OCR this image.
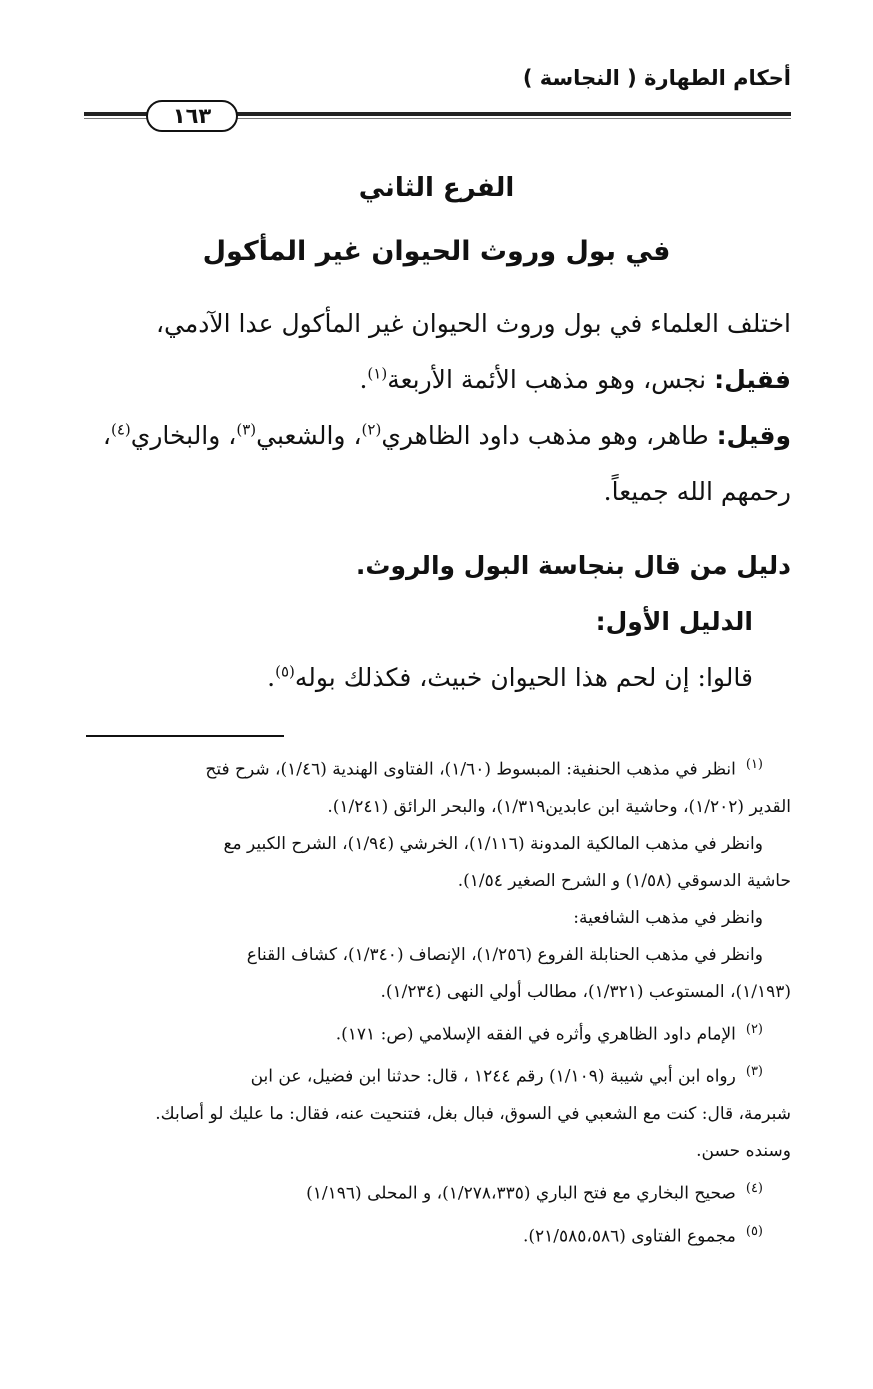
أحكام الطهارة ( النجاسة )
١٦٣
الفرع الثاني
في بول وروث الحيوان غير المأكول
اختلف العلماء في بول وروث الحيوان غير المأكول عدا الآدمي،
فقيل: نجس، وهو مذهب الأئمة الأربعة$^{(١)}$.
وقيل: طاهر، وهو مذهب داود الظاهري$^{(٢)}$، والشعبي$^{(٣)}$، والبخاري$^{(٤)}$،
رحمهم الله جميعاً.
دليل من قال بنجاسة البول والروث.
الدليل الأول:
قالوا: إن لحم هذا الحيوان خبيث، فكذلك بوله$^{(٥)}$.
$^{(١)}$انظر في مذهب الحنفية: المبسوط (١/٦٠)، الفتاوى الهندية (١/٤٦)، شرح فتح
القدير (١/٢٠٢)، وحاشية ابن عابدين١/٣١٩)، والبحر الرائق (١/٢٤١).
وانظر في مذهب المالكية المدونة (١/١١٦)، الخرشي (١/٩٤)، الشرح الكبير مع
حاشية الدسوقي (١/٥٨) و الشرح الصغير ١/٥٤).
وانظر في مذهب الشافعية:
وانظر في مذهب الحنابلة الفروع (١/٢٥٦)، الإنصاف (١/٣٤٠)، كشاف القناع
(١/١٩٣)، المستوعب (١/٣٢١)، مطالب أولي النهى (١/٢٣٤).
$^{(٢)}$الإمام داود الظاهري وأثره في الفقه الإسلامي (ص: ١٧١).
$^{(٣)}$رواه ابن أبي شيبة (١/١٠٩) رقم ١٢٤٤ ، قال: حدثنا ابن فضيل، عن ابن
شبرمة، قال: كنت مع الشعبي في السوق، فبال بغل، فتنحيت عنه، فقال: ما عليك لو أصابك.
وسنده حسن.
$^{(٤)}$صحيح البخاري مع فتح الباري (١/٢٧٨،٣٣٥)، و المحلى (١/١٩٦)
$^{(٥)}$مجموع الفتاوى (٢١/٥٨٥،٥٨٦).
